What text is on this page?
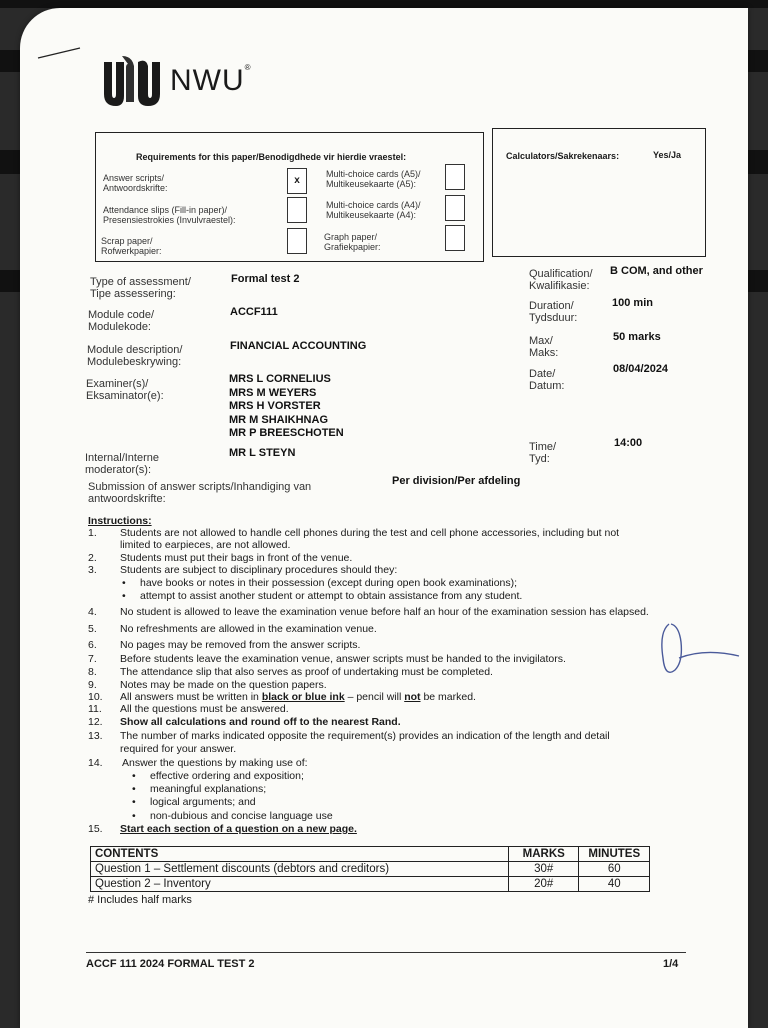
NWU ®
Requirements for this paper/Benodigdhede vir hierdie vraestel:
Answer scripts/
Antwoordskrifte:
x
Multi-choice cards (A5)/
Multikeusekaarte (A5):
Attendance slips (Fill-in paper)/
Presensiestrokies (Invulvraestel):
Multi-choice cards (A4)/
Multikeusekaarte (A4):
Scrap paper/
Rofwerkpapier:
Graph paper/
Grafiekpapier:
Calculators/Sakrekenaars:	Yes/Ja
Type of assessment/
Tipe assessering:
Formal test 2
Module code/
Modulekode:
ACCF111
Module description/
Modulebeskrywing:
FINANCIAL ACCOUNTING
Examiner(s)/
Eksaminator(e):
MRS L CORNELIUS
MRS M WEYERS
MRS H VORSTER
MR M SHAIKHNAG
MR P BREESCHOTEN
Internal/Interne
moderator(s):
MR L STEYN
Submission of answer scripts/Inhandiging van
antwoordskrifte:
Per division/Per afdeling
Qualification/
Kwalifikasie:
B COM, and other
Duration/
Tydsduur:
100 min
Max/
Maks:
50 marks
Date/
Datum:
08/04/2024
Time/
Tyd:
14:00
Instructions:
1.	Students are not allowed to handle cell phones during the test and cell phone accessories, including but not
limited to earpieces, are not allowed.
2.	Students must put their bags in front of the venue.
3.	Students are subject to disciplinary procedures should they:
• have books or notes in their possession (except during open book examinations);
• attempt to assist another student or attempt to obtain assistance from any student.
4.	No student is allowed to leave the examination venue before half an hour of the examination session has elapsed.
5.	No refreshments are allowed in the examination venue.
6.	No pages may be removed from the answer scripts.
7.	Before students leave the examination venue, answer scripts must be handed to the invigilators.
8.	The attendance slip that also serves as proof of undertaking must be completed.
9.	Notes may be made on the question papers.
10.	All answers must be written in black or blue ink – pencil will not be marked.
11.	All the questions must be answered.
12.	Show all calculations and round off to the nearest Rand.
13.	The number of marks indicated opposite the requirement(s) provides an indication of the length and detail
required for your answer.
14.	Answer the questions by making use of:
• effective ordering and exposition;
• meaningful explanations;
• logical arguments; and
• non-dubious and concise language use
15.	Start each section of a question on a new page.
CONTENTS	MARKS	MINUTES
Question 1 – Settlement discounts (debtors and creditors)	30#	60
Question 2 – Inventory	20#	40
# Includes half marks
ACCF 111 2024 FORMAL TEST 2	1/4
